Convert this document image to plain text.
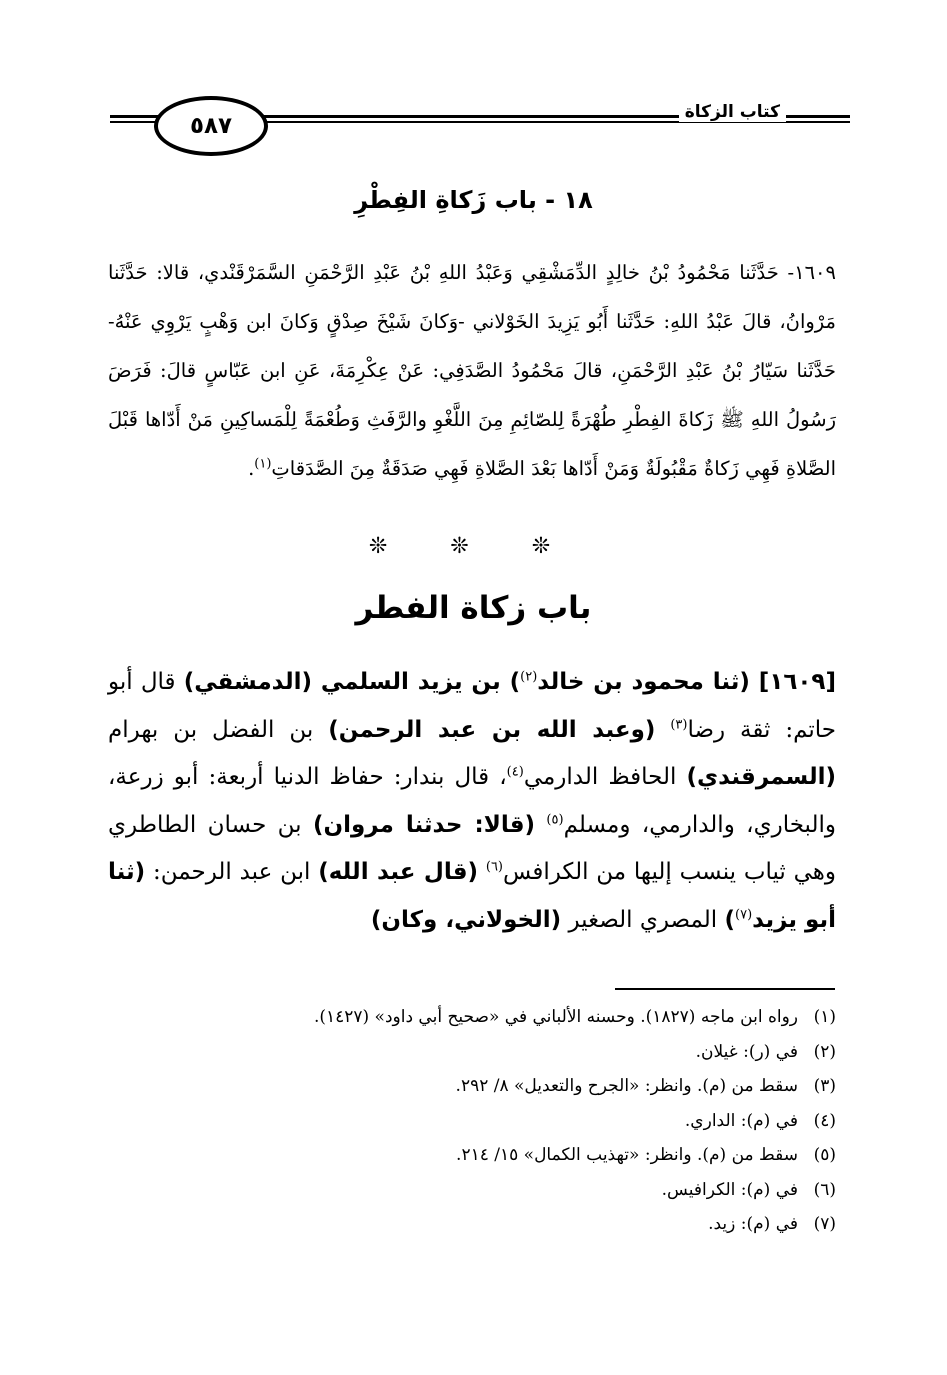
٥٨٧
كتاب الزكاة
١٨ - باب زَكاةِ الفِطْرِ
١٦٠٩- حَدَّثَنا مَحْمُودُ بْنُ خالِدٍ الدِّمَشْقِي وَعَبْدُ اللهِ بْنُ عَبْدِ الرَّحْمَنِ السَّمَرْقَنْدي، قالا: حَدَّثَنا مَرْوانُ، قالَ عَبْدُ اللهِ: حَدَّثَنا أَبُو يَزِيدَ الخَوْلاني -وَكانَ شَيْخَ صِدْقٍ وَكانَ ابن وَهْبٍ يَرْوِي عَنْهُ- حَدَّثَنا سَيّارُ بْنُ عَبْدِ الرَّحْمَنِ، قالَ مَحْمُودُ الصَّدَفِي: عَنْ عِكْرِمَةَ، عَنِ ابن عَبّاسٍ قالَ: فَرَضَ رَسُولُ اللهِ ﷺ زَكاةَ الفِطْرِ طُهْرَةً لِلصّائِمِ مِنَ اللَّغْوِ والرَّفَثِ وَطُعْمَةً لِلْمَساكِينِ مَنْ أَدّاها قَبْلَ الصَّلاةِ فَهِي زَكاةٌ مَقْبُولَةٌ وَمَنْ أَدّاها بَعْدَ الصَّلاةِ فَهِي صَدَقَةٌ مِنَ الصَّدَقاتِ$^{(١)}$.
❊ ❊ ❊
باب زكاة الفطر
[١٦٠٩] (ثنا محمود بن خالد$^{(٢)}$) بن يزيد السلمي (الدمشقي) قال أبو حاتم: ثقة رضا$^{(٣)}$ (وعبد الله بن عبد الرحمن) بن الفضل بن بهرام (السمرقندي) الحافظ الدارمي$^{(٤)}$، قال بندار: حفاظ الدنيا أربعة: أبو زرعة، والبخاري، والدارمي، ومسلم$^{(٥)}$ (قالا: حدثنا مروان) بن حسان الطاطري وهي ثياب ينسب إليها من الكرافس$^{(٦)}$ (قال عبد الله) ابن عبد الرحمن: (ثنا أبو يزيد$^{(٧)}$) المصري الصغير (الخولاني، وكان)
(١)رواه ابن ماجه (١٨٢٧). وحسنه الألباني في «صحيح أبي داود» (١٤٢٧).
(٢)في (ر): غيلان.
(٣)سقط من (م). وانظر: «الجرح والتعديل» ٨/ ٢٩٢.
(٤)في (م): الداري.
(٥)سقط من (م). وانظر: «تهذيب الكمال» ١٥/ ٢١٤.
(٦)في (م): الكرافيس.
(٧)في (م): زيد.
